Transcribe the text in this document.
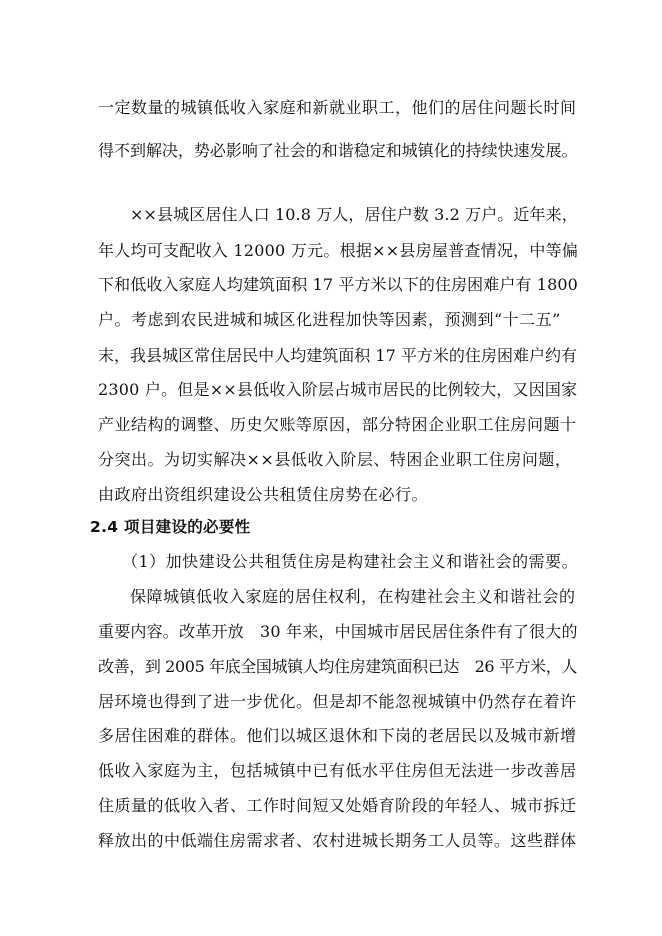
一定数量的城镇低收入家庭和新就业职工，他们的居住问题长时间
得不到解决，势必影响了社会的和谐稳定和城镇化的持续快速发展。
××县城区居住人口 10.8 万人，居住户数 3.2 万户。近年来，
年人均可支配收入 12000 万元。根据××县房屋普查情况，中等偏
下和低收入家庭人均建筑面积 17 平方米以下的住房困难户有 1800
户。考虑到农民进城和城区化进程加快等因素，预测到“十二五”
末，我县城区常住居民中人均建筑面积 17 平方米的住房困难户约有
2300 户。但是××县低收入阶层占城市居民的比例较大，又因国家
产业结构的调整、历史欠账等原因，部分特困企业职工住房问题十
分突出。为切实解决××县低收入阶层、特困企业职工住房问题，
由政府出资组织建设公共租赁住房势在必行。
2.4 项目建设的必要性
（1）加快建设公共租赁住房是构建社会主义和谐社会的需要。
保障城镇低收入家庭的居住权利，在构建社会主义和谐社会的
重要内容。改革开放　30 年来，中国城市居民居住条件有了很大的
改善，到 2005 年底全国城镇人均住房建筑面积已达　26 平方米，人
居环境也得到了进一步优化。但是却不能忽视城镇中仍然存在着许
多居住困难的群体。他们以城区退休和下岗的老居民以及城市新增
低收入家庭为主，包括城镇中已有低水平住房但无法进一步改善居
住质量的低收入者、工作时间短又处婚育阶段的年轻人、城市拆迁
释放出的中低端住房需求者、农村进城长期务工人员等。这些群体
